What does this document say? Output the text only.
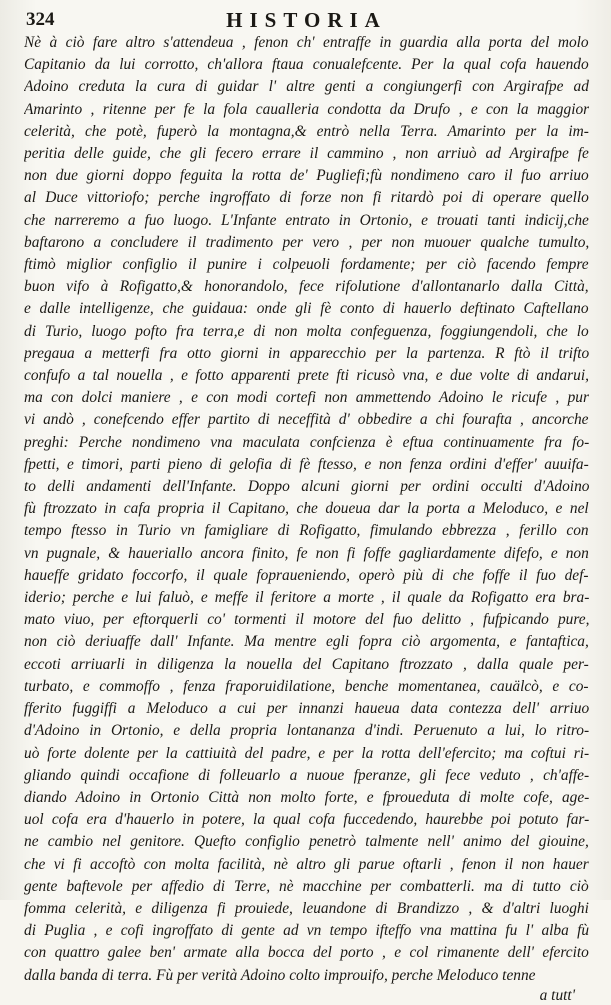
324	HISTORIA
Nè à ciò fare altro s'attendeua , fenon ch' entraffe in guardia alla porta del molo
Capitanio da lui corrotto, ch'allora ftaua conualefcente. Per la qual cofa hauendo
Adoino creduta la cura di guidar l' altre genti a congiungerfi con Argirafpe ad
Amarinto , ritenne per fe la fola caualleria condotta da Drufo , e con la maggior
celerità, che potè, fuperò la montagna,& entrò nella Terra. Amarinto per la im-
peritia delle guide, che gli fecero errare il cammino , non arriuò ad Argirafpe fe
non due giorni doppo feguita la rotta de' Pugliefi;fù nondimeno caro il fuo arriuo
al Duce vittoriofo; perche ingroffato di forze non fi ritardò poi di operare quello
che narreremo a fuo luogo. L'Infante entrato in Ortonio, e trouati tanti indicij,che
baftarono a concludere il tradimento per vero , per non muouer qualche tumulto,
ftimò miglior configlio il punire i colpeuoli fordamente; per ciò facendo fempre
buon vifo à Rofigatto,& honorandolo, fece rifolutione d'allontanarlo dalla Città,
e dalle intelligenze, che guidaua: onde gli fè conto di hauerlo deftinato Caftellano
di Turio, luogo pofto fra terra,e di non molta confeguenza, foggiungendoli, che lo
pregaua a metterfi fra otto giorni in apparecchio per la partenza. R ftò il trifto
confufo a tal nouella , e fotto apparenti prete fti ricusò vna, e due volte di andarui,
ma con dolci maniere , e con modi cortefi non ammettendo Adoino le ricufe , pur
vi andò , conefcendo effer partito di neceffità d' obbedire a chi fourafta , ancorche
preghi: Perche nondimeno vna maculata confcienza è eftua continuamente fra fo-
fpetti, e timori, parti pieno di gelofia di fè ftesso, e non fenza ordini d'effer' auuifa-
to delli andamenti dell'Infante. Doppo alcuni giorni per ordini occulti d'Adoino
fù ftrozzato in cafa propria il Capitano, che doueua dar la porta a Meloduco, e nel
tempo ftesso in Turio vn famigliare di Rofigatto, fimulando ebbrezza , ferillo con
vn pugnale, & haueriallo ancora finito, fe non fi foffe gagliardamente difefo, e non
haueffe gridato foccorfo, il quale fopraueniendo, operò più di che foffe il fuo def-
iderio; perche e lui faluò, e meffe il feritore a morte , il quale da Rofigatto era bra-
mato viuo, per eftorquerli co' tormenti il motore del fuo delitto , fufpicando pure,
non ciò deriuaffe dall' Infante. Ma mentre egli fopra ciò argomenta, e fantaftica,
eccoti arriuarli in diligenza la nouella del Capitano ftrozzato , dalla quale per-
turbato, e commoffo , fenza fraporuidilatione, benche momentanea, cauälcò, e co-
fferito fuggiffi a Meloduco a cui per innanzi haueua data contezza dell' arriuo
d'Adoino in Ortonio, e della propria lontananza d'indi. Peruenuto a lui, lo ritro-
uò forte dolente per la cattiuità del padre, e per la rotta dell'efercito; ma coftui ri-
gliando quindi occafione di folleuarlo a nuoue fperanze, gli fece veduto , ch'affe-
diando Adoino in Ortonio Città non molto forte, e fproueduta di molte cofe, age-
uol cofa era d'hauerlo in potere, la qual cofa fuccedendo, haurebbe poi potuto far-
ne cambio nel genitore. Quefto configlio penetrò talmente nell' animo del giouine,
che vi fi accoftò con molta facilità, nè altro gli parue oftarli , fenon il non hauer
gente baftevole per affedio di Terre, nè macchine per combatterli. ma di tutto ciò
fomma celerità, e diligenza fi prouiede, leuandone di Brandizzo , & d'altri luoghi
di Puglia , e cofi ingroffato di gente ad vn tempo ifteffo vna mattina fu l' alba fù
con quattro galee ben' armate alla bocca del porto , e col rimanente dell' efercito
dalla banda di terra. Fù per verità Adoino colto improuifo, perche Meloduco tenne
a tutt'
